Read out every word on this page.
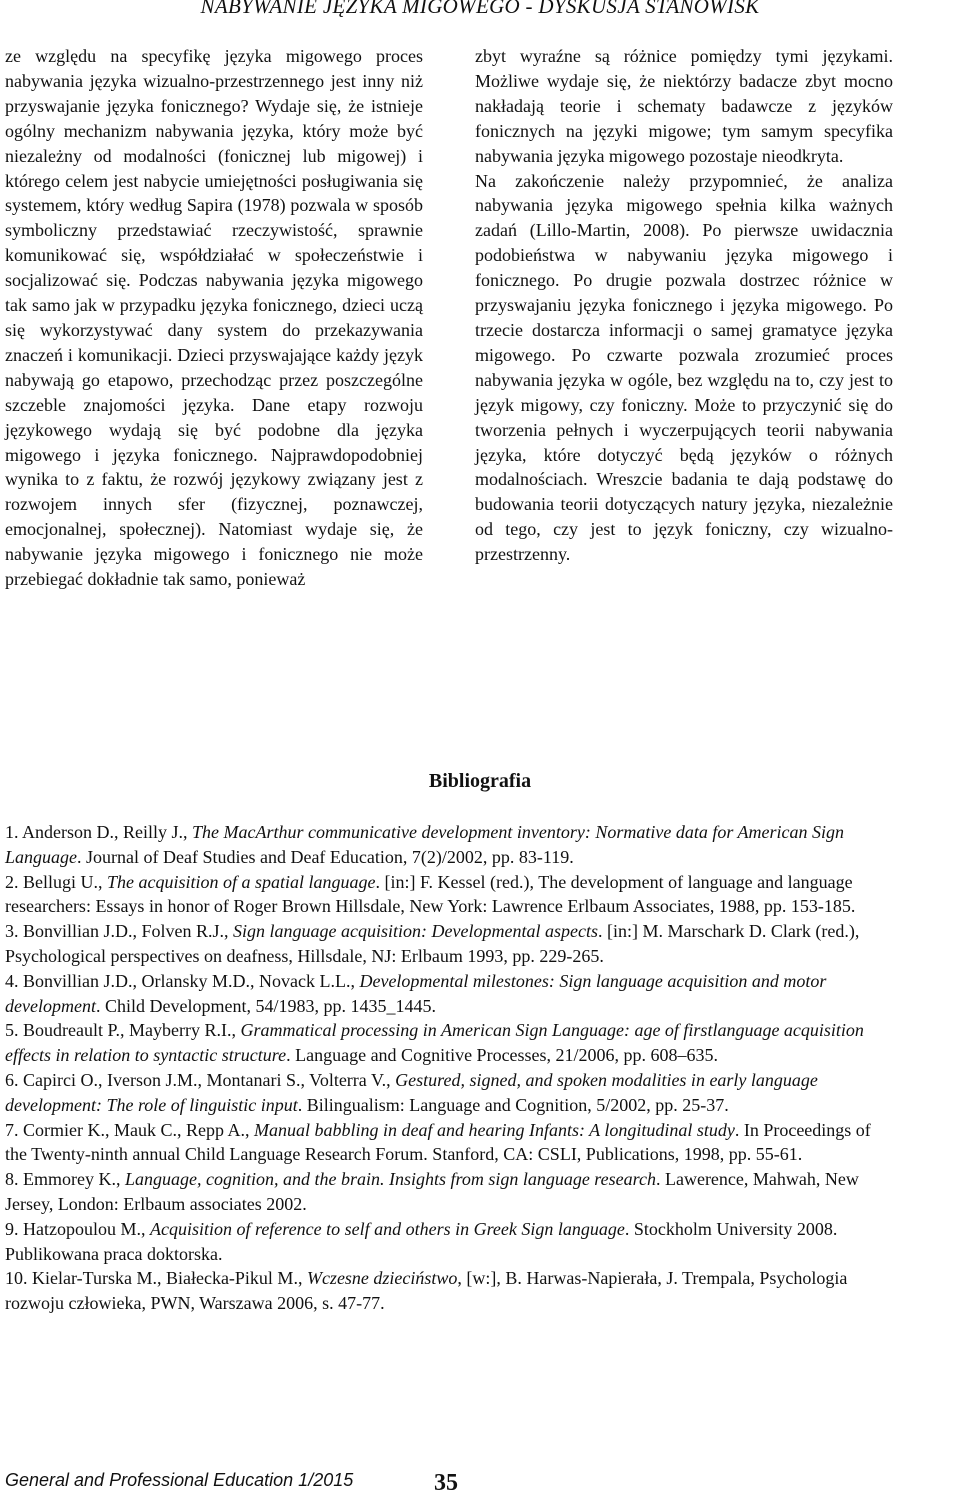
NABYWANIE JĘZYKA MIGOWEGO - DYSKUSJA STANOWISK

ze względu na specyfikę języka migowego proces nabywania języka wizualno-przestrzennego jest inny niż przyswajanie języka fonicznego? Wydaje się, że istnieje ogólny mechanizm nabywania języka, który może być niezależny od modalności (fonicznej lub migowej) i którego celem jest nabycie umiejętności posługiwania się systemem, który według Sapira (1978) pozwala w sposób symboliczny przedstawiać rzeczywistość, sprawnie komunikować się, współdziałać w społeczeństwie i socjalizować się. Podczas nabywania języka migowego tak samo jak w przypadku języka fonicznego, dzieci uczą się wykorzystywać dany system do przekazywania znaczeń i komunikacji. Dzieci przyswajające każdy język nabywają go etapowo, przechodząc przez poszczególne szczeble znajomości języka. Dane etapy rozwoju językowego wydają się być podobne dla języka migowego i języka fonicznego. Najprawdopodobniej wynika to z faktu, że rozwój językowy związany jest z rozwojem innych sfer (fizycznej, poznawczej, emocjonalnej, społecznej). Natomiast wydaje się, że nabywanie języka migowego i fonicznego nie może przebiegać dokładnie tak samo, ponieważ

zbyt wyraźne są różnice pomiędzy tymi językami. Możliwe wydaje się, że niektórzy badacze zbyt mocno nakładają teorie i schematy badawcze z języków fonicznych na języki migowe; tym samym specyfika nabywania języka migowego pozostaje nieodkryta.

Na zakończenie należy przypomnieć, że analiza nabywania języka migowego spełnia kilka ważnych zadań (Lillo-Martin, 2008). Po pierwsze uwidacznia podobieństwa w nabywaniu języka migowego i fonicznego. Po drugie pozwala dostrzec różnice w przyswajaniu języka fonicznego i języka migowego. Po trzecie dostarcza informacji o samej gramatyce języka migowego. Po czwarte pozwala zrozumieć proces nabywania języka w ogóle, bez względu na to, czy jest to język migowy, czy foniczny. Może to przyczynić się do tworzenia pełnych i wyczerpujących teorii nabywania języka, które dotyczyć będą języków o różnych modalnościach. Wreszcie badania te dają podstawę do budowania teorii dotyczących natury języka, niezależnie od tego, czy jest to język foniczny, czy wizualno-przestrzenny.

Bibliografia

1. Anderson D., Reilly J., The MacArthur communicative development inventory: Normative data for American Sign Language. Journal of Deaf Studies and Deaf Education, 7(2)/2002, pp. 83-119.

2. Bellugi U., The acquisition of a spatial language. [in:] F. Kessel (red.), The development of language and language researchers: Essays in honor of Roger Brown Hillsdale, New York: Lawrence Erlbaum Associates, 1988, pp. 153-185.

3. Bonvillian J.D., Folven R.J., Sign language acquisition: Developmental aspects. [in:] M. Marschark D. Clark (red.), Psychological perspectives on deafness, Hillsdale, NJ: Erlbaum 1993, pp. 229-265.

4. Bonvillian J.D., Orlansky M.D., Novack L.L., Developmental milestones: Sign language acquisition and motor development. Child Development, 54/1983, pp. 1435_1445.

5. Boudreault P., Mayberry R.I., Grammatical processing in American Sign Language: age of firstlanguage acquisition effects in relation to syntactic structure. Language and Cognitive Processes, 21/2006, pp. 608–635.

6. Capirci O., Iverson J.M., Montanari S., Volterra V., Gestured, signed, and spoken modalities in early language development: The role of linguistic input. Bilingualism: Language and Cognition, 5/2002, pp. 25-37.

7. Cormier K., Mauk C., Repp A., Manual babbling in deaf and hearing Infants: A longitudinal study. In Proceedings of the Twenty-ninth annual Child Language Research Forum. Stanford, CA: CSLI, Publications, 1998, pp. 55-61.

8. Emmorey K., Language, cognition, and the brain. Insights from sign language research. Lawerence, Mahwah, New Jersey, London: Erlbaum associates 2002.

9. Hatzopoulou M., Acquisition of reference to self and others in Greek Sign language. Stockholm University 2008. Publikowana praca doktorska.

10. Kielar-Turska M., Białecka-Pikul M., Wczesne dzieciństwo, [w:], B. Harwas-Napierała, J. Trempala, Psychologia rozwoju człowieka, PWN, Warszawa 2006, s. 47-77.

General and Professional Education 1/2015	35
